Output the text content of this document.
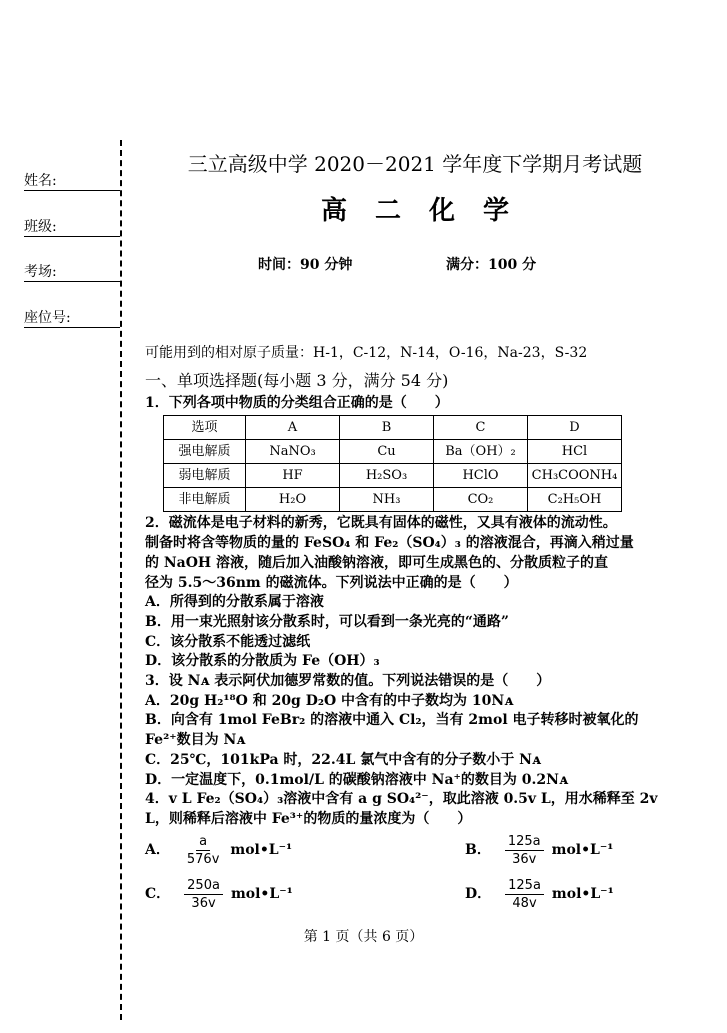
姓名:
班级:
考场:
座位号:
三立高级中学 2020－2021 学年度下学期月考试题
高二化学
时间：90 分钟	满分：100 分
可能用到的相对原子质量：H-1，C-12，N-14，O-16，Na-23，S-32
一、单项选择题(每小题 3 分，满分 54 分)
1．下列各项中物质的分类组合正确的是（　　）
选项	A	B	C	D
强电解质	NaNO₃	Cu	Ba（OH）₂	HCl
弱电解质	HF	H₂SO₃	HClO	CH₃COONH₄
非电解质	H₂O	NH₃	CO₂	C₂H₅OH
2．磁流体是电子材料的新秀，它既具有固体的磁性，又具有液体的流动性。
制备时将含等物质的量的 FeSO₄ 和 Fe₂（SO₄）₃ 的溶液混合，再滴入稍过量
的 NaOH 溶液，随后加入油酸钠溶液，即可生成黑色的、分散质粒子的直
径为 5.5～36nm 的磁流体。下列说法中正确的是（　　）
A．所得到的分散系属于溶液
B．用一束光照射该分散系时，可以看到一条光亮的“通路”
C．该分散系不能透过滤纸
D．该分散系的分散质为 Fe（OH）₃
3．设 Nᴀ 表示阿伏加德罗常数的值。下列说法错误的是（　　）
A．20g H₂¹⁸O 和 20g D₂O 中含有的中子数均为 10Nᴀ
B．向含有 1mol FeBr₂ 的溶液中通入 Cl₂，当有 2mol 电子转移时被氧化的
Fe²⁺数目为 Nᴀ
C．25℃，101kPa 时，22.4L 氯气中含有的分子数小于 Nᴀ
D．一定温度下，0.1mol/L 的碳酸钠溶液中 Na⁺的数目为 0.2Nᴀ
4．v L Fe₂（SO₄）₃溶液中含有 a g SO₄²⁻，取此溶液 0.5v L，用水稀释至 2v
L，则稀释后溶液中 Fe³⁺的物质的量浓度为（　　）
A． $\frac{a}{576v}$ mol•L⁻¹	B． $\frac{125a}{36v}$ mol•L⁻¹
C． $\frac{250a}{36v}$ mol•L⁻¹	D． $\frac{125a}{48v}$ mol•L⁻¹
第 1 页（共 6 页）
